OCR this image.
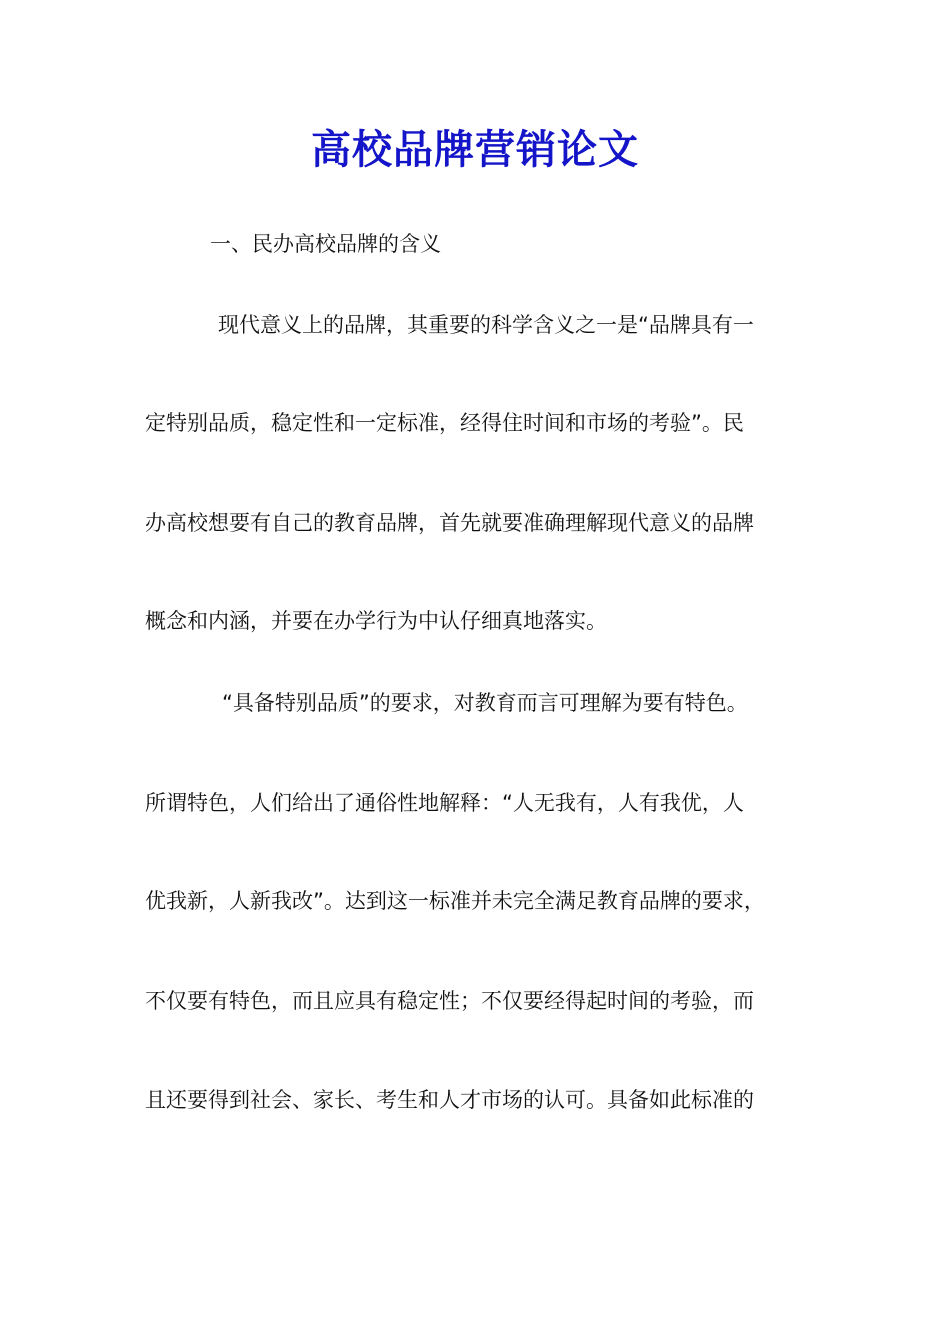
高校品牌营销论文
一、民办高校品牌的含义
现代意义上的品牌，其重要的科学含义之一是“品牌具有一
定特别品质，稳定性和一定标准，经得住时间和市场的考验”。民
办高校想要有自己的教育品牌，首先就要准确理解现代意义的品牌
概念和内涵，并要在办学行为中认仔细真地落实。
“具备特别品质”的要求，对教育而言可理解为要有特色。
所谓特色，人们给出了通俗性地解释：“人无我有，人有我优，人
优我新，人新我改”。达到这一标准并未完全满足教育品牌的要求，
不仅要有特色，而且应具有稳定性；不仅要经得起时间的考验，而
且还要得到社会、家长、考生和人才市场的认可。具备如此标准的
